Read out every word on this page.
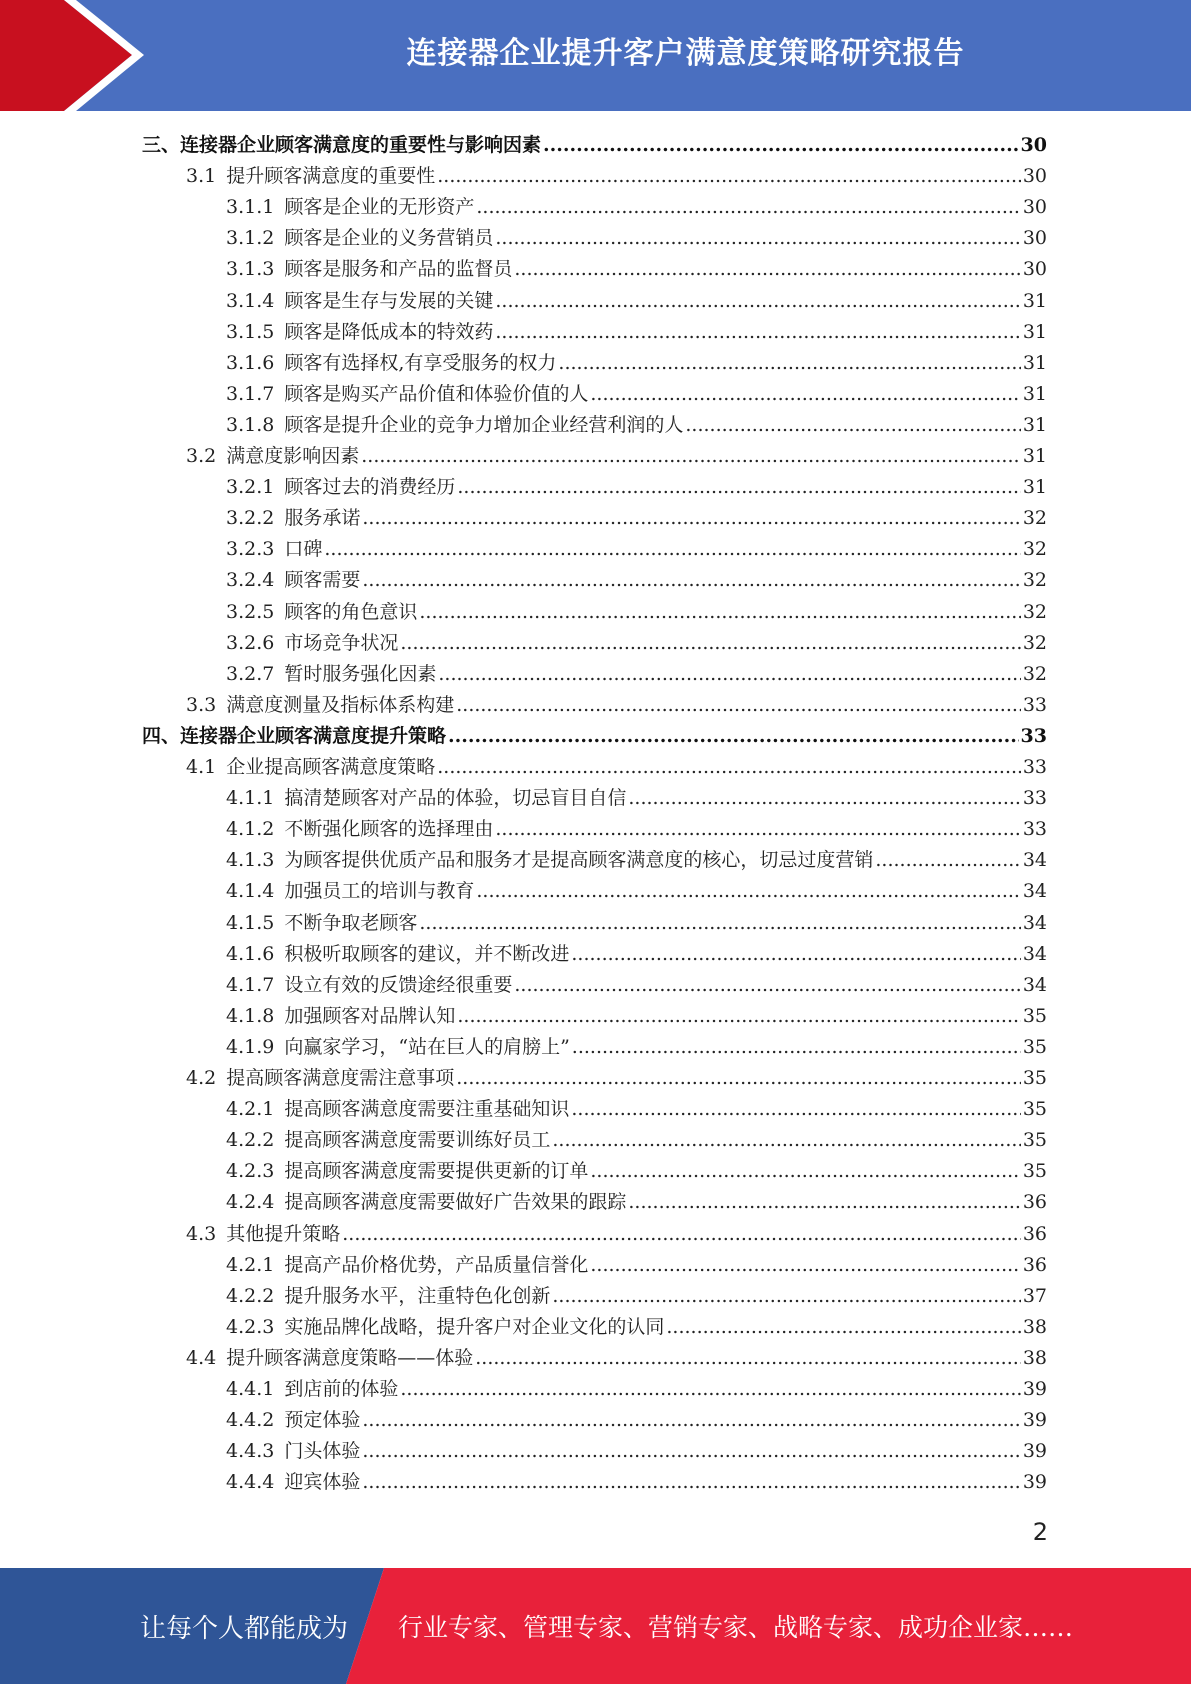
连接器企业提升客户满意度策略研究报告
三、 连接器企业顾客满意度的重要性与影响因素 .....	30
3.1 提升顾客满意度的重要性 .....	30
3.1.1 顾客是企业的无形资产 .....	30
3.1.2 顾客是企业的义务营销员 .....	30
3.1.3 顾客是服务和产品的监督员 .....	30
3.1.4 顾客是生存与发展的关键 .....	31
3.1.5 顾客是降低成本的特效药 .....	31
3.1.6 顾客有选择权,有享受服务的权力 .....	31
3.1.7 顾客是购买产品价值和体验价值的人 .....	31
3.1.8 顾客是提升企业的竞争力增加企业经营利润的人 .....	31
3.2 满意度影响因素 .....	31
3.2.1 顾客过去的消费经历 .....	31
3.2.2 服务承诺 .....	32
3.2.3 口碑 .....	32
3.2.4 顾客需要 .....	32
3.2.5 顾客的角色意识 .....	32
3.2.6 市场竞争状况 .....	32
3.2.7 暂时服务强化因素 .....	32
3.3 满意度测量及指标体系构建 .....	33
四、 连接器企业顾客满意度提升策略 .....	33
4.1 企业提高顾客满意度策略 .....	33
4.1.1 搞清楚顾客对产品的体验，切忌盲目自信 .....	33
4.1.2 不断强化顾客的选择理由 .....	33
4.1.3 为顾客提供优质产品和服务才是提高顾客满意度的核心，切忌过度营销 .....	34
4.1.4 加强员工的培训与教育 .....	34
4.1.5 不断争取老顾客 .....	34
4.1.6 积极听取顾客的建议，并不断改进 .....	34
4.1.7 设立有效的反馈途经很重要 .....	34
4.1.8 加强顾客对品牌认知 .....	35
4.1.9 向赢家学习，“站在巨人的肩膀上” .....	35
4.2 提高顾客满意度需注意事项 .....	35
4.2.1 提高顾客满意度需要注重基础知识 .....	35
4.2.2 提高顾客满意度需要训练好员工 .....	35
4.2.3 提高顾客满意度需要提供更新的订单 .....	35
4.2.4 提高顾客满意度需要做好广告效果的跟踪 .....	36
4.3 其他提升策略 .....	36
4.2.1 提高产品价格优势，产品质量信誉化 .....	36
4.2.2 提升服务水平，注重特色化创新 .....	37
4.2.3 实施品牌化战略，提升客户对企业文化的认同 .....	38
4.4 提升顾客满意度策略——体验 .....	38
4.4.1 到店前的体验 .....	39
4.4.2 预定体验 .....	39
4.4.3 门头体验 .....	39
4.4.4 迎宾体验 .....	39
2
让每个人都能成为 行业专家、管理专家、营销专家、战略专家、成功企业家……
